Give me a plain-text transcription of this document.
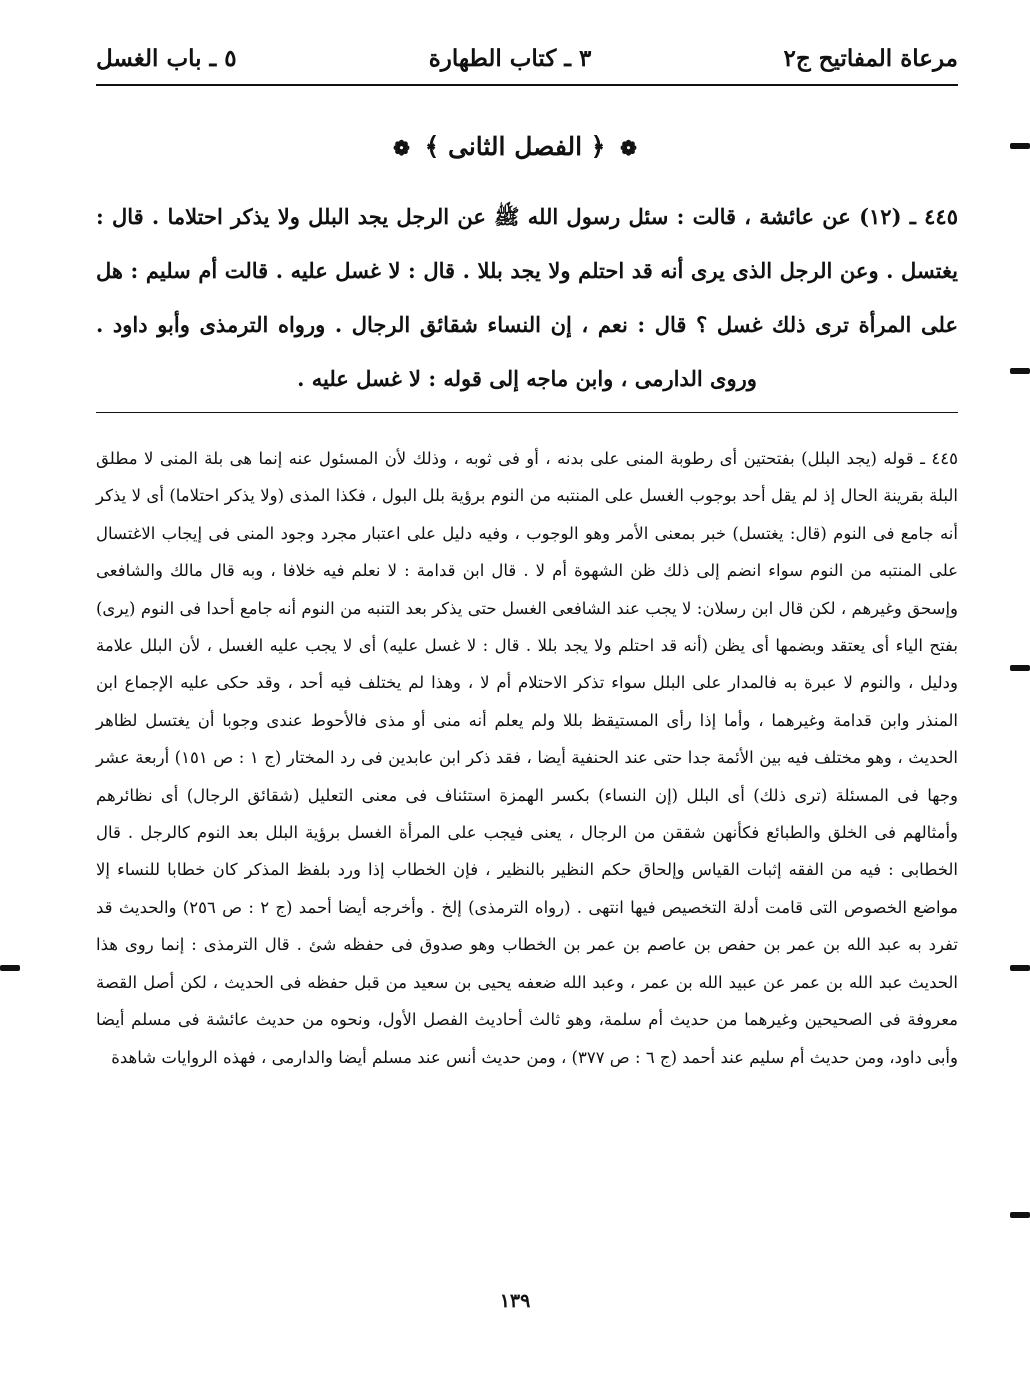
مرعاة المفاتيح ج٢
٣ ـ كتاب الطهارة
٥ ـ باب الغسل
❁ ﴿ الفصل الثانى ﴾ ❁
٤٤٥ ـ (١٢) عن عائشة ، قالت : سئل رسول الله ﷺ عن الرجل يجد البلل ولا يذكر احتلاما . قال : يغتسل . وعن الرجل الذى يرى أنه قد احتلم ولا يجد بللا . قال : لا غسل عليه . قالت أم سليم : هل على المرأة ترى ذلك غسل ؟ قال : نعم ، إن النساء شقائق الرجال . ورواه الترمذى وأبو داود . وروى الدارمى ، وابن ماجه إلى قوله : لا غسل عليه .

٤٤٥ ـ قوله (يجد البلل) بفتحتين أى رطوبة المنى على بدنه ، أو فى ثوبه ، وذلك لأن المسئول عنه إنما هى بلة المنى لا مطلق البلة بقرينة الحال إذ لم يقل أحد بوجوب الغسل على المنتبه من النوم برؤية بلل البول ، فكذا المذى (ولا يذكر احتلاما) أى لا يذكر أنه جامع فى النوم (قال: يغتسل) خبر بمعنى الأمر وهو الوجوب ، وفيه دليل على اعتبار مجرد وجود المنى فى إيجاب الاغتسال على المنتبه من النوم سواء انضم إلى ذلك ظن الشهوة أم لا . قال ابن قدامة : لا نعلم فيه خلافا ، وبه قال مالك والشافعى وإسحق وغيرهم ، لكن قال ابن رسلان: لا يجب عند الشافعى الغسل حتى يذكر بعد التنبه من النوم أنه جامع أحدا فى النوم (يرى) بفتح الياء أى يعتقد وبضمها أى يظن (أنه قد احتلم ولا يجد بللا . قال : لا غسل عليه) أى لا يجب عليه الغسل ، لأن البلل علامة ودليل ، والنوم لا عبرة به فالمدار على البلل سواء تذكر الاحتلام أم لا ، وهذا لم يختلف فيه أحد ، وقد حكى عليه الإجماع ابن المنذر وابن قدامة وغيرهما ، وأما إذا رأى المستيقظ بللا ولم يعلم أنه منى أو مذى فالأحوط عندى وجوبا أن يغتسل لظاهر الحديث ، وهو مختلف فيه بين الأئمة جدا حتى عند الحنفية أيضا ، فقد ذكر ابن عابدين فى رد المختار (ج ١ : ص ١٥١) أربعة عشر وجها فى المسئلة (ترى ذلك) أى البلل (إن النساء) بكسر الهمزة استئناف فى معنى التعليل (شقائق الرجال) أى نظائرهم وأمثالهم فى الخلق والطبائع فكأنهن شققن من الرجال ، يعنى فيجب على المرأة الغسل برؤية البلل بعد النوم كالرجل . قال الخطابى : فيه من الفقه إثبات القياس وإلحاق حكم النظير بالنظير ، فإن الخطاب إذا ورد بلفظ المذكر كان خطابا للنساء إلا مواضع الخصوص التى قامت أدلة التخصيص فيها انتهى . (رواه الترمذى) إلخ . وأخرجه أيضا أحمد (ج ٢ : ص ٢٥٦) والحديث قد تفرد به عبد الله بن عمر بن حفص بن عاصم بن عمر بن الخطاب وهو صدوق فى حفظه شئ . قال الترمذى : إنما روى هذا الحديث عبد الله بن عمر عن عبيد الله بن عمر ، وعبد الله ضعفه يحيى بن سعيد من قبل حفظه فى الحديث ، لكن أصل القصة معروفة فى الصحيحين وغيرهما من حديث أم سلمة، وهو ثالث أحاديث الفصل الأول، ونحوه من حديث عائشة فى مسلم أيضا وأبى داود، ومن حديث أم سليم عند أحمد (ج ٦ : ص ٣٧٧) ، ومن حديث أنس عند مسلم أيضا والدارمى ، فهذه الروايات شاهدة

١٣٩
